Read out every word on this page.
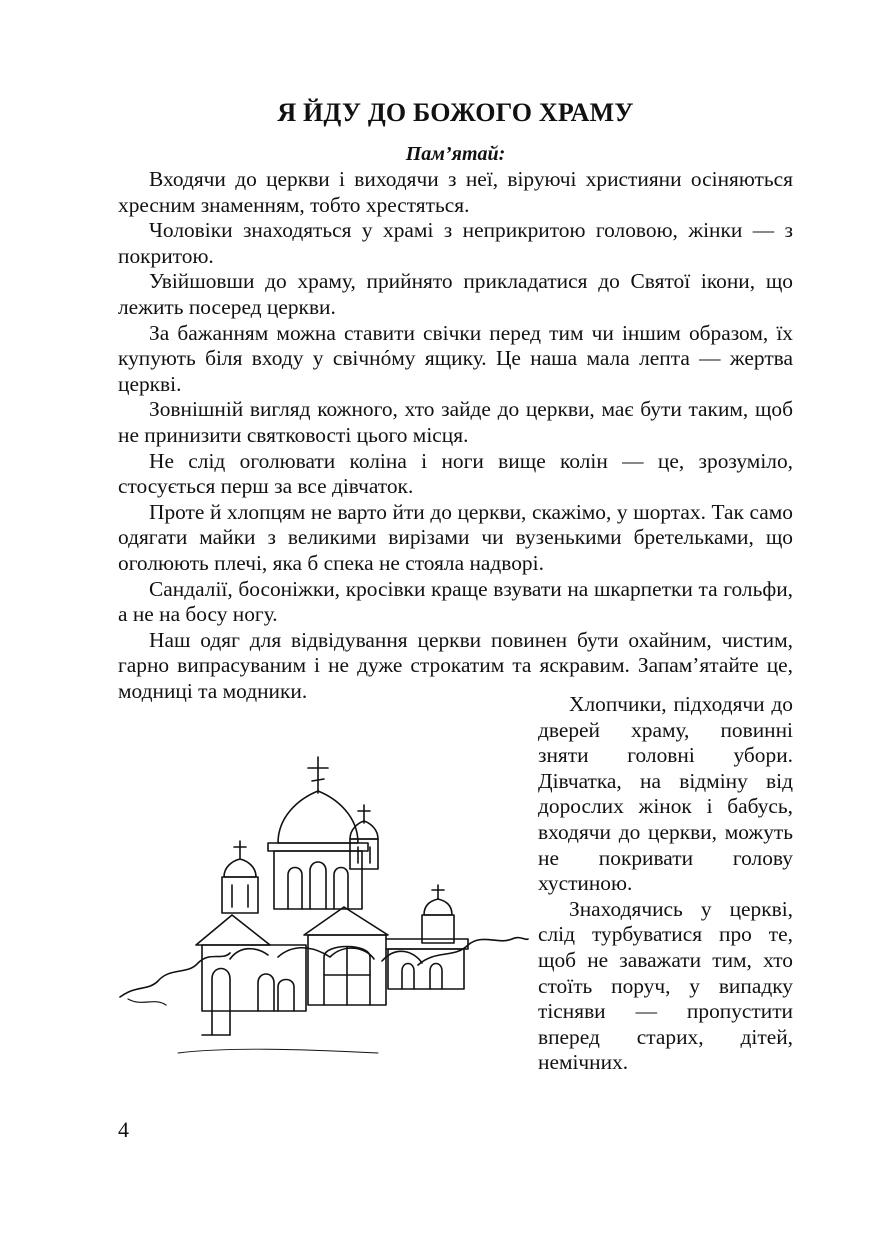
Я ЙДУ ДО БОЖОГО ХРАМУ
Пам’ятай:

Входячи до церкви і виходячи з неї, віруючі християни осіняються хресним знаменням, тобто хрестяться.

Чоловіки знаходяться у храмі з неприкритою головою, жінки — з покритою.

Увійшовши до храму, прийнято прикладатися до Святої ікони, що лежить посеред церкви.

За бажанням можна ставити свічки перед тим чи іншим образом, їх купують біля входу у свічнóму ящику. Це наша мала лепта — жертва церкві.

Зовнішній вигляд кожного, хто зайде до церкви, має бути таким, щоб не принизити святковості цього місця.

Не слід оголювати коліна і ноги вище колін — це, зрозуміло, стосується перш за все дівчаток.

Проте й хлопцям не варто йти до церкви, скажімо, у шортах. Так само одягати майки з великими вирізами чи вузенькими бретельками, що оголюють плечі, яка б спека не стояла надворі.

Сандалії, босоніжки, кросівки краще взувати на шкарпетки та гольфи, а не на босу ногу.

Наш одяг для відвідування церкви повинен бути охайним, чистим, гарно випрасуваним і не дуже строкатим та яскравим. Запам’ятайте це, модниці та модники.

Хлопчики, підходячи до дверей храму, повинні зняти головні убори. Дівчатка, на відміну від дорослих жінок і бабусь, входячи до церкви, можуть не покривати голову хустиною.

Знаходячись у церкві, слід турбуватися про те, щоб не заважати тим, хто стоїть поруч, у випадку тісняви — пропустити вперед старих, дітей, немічних.

4
